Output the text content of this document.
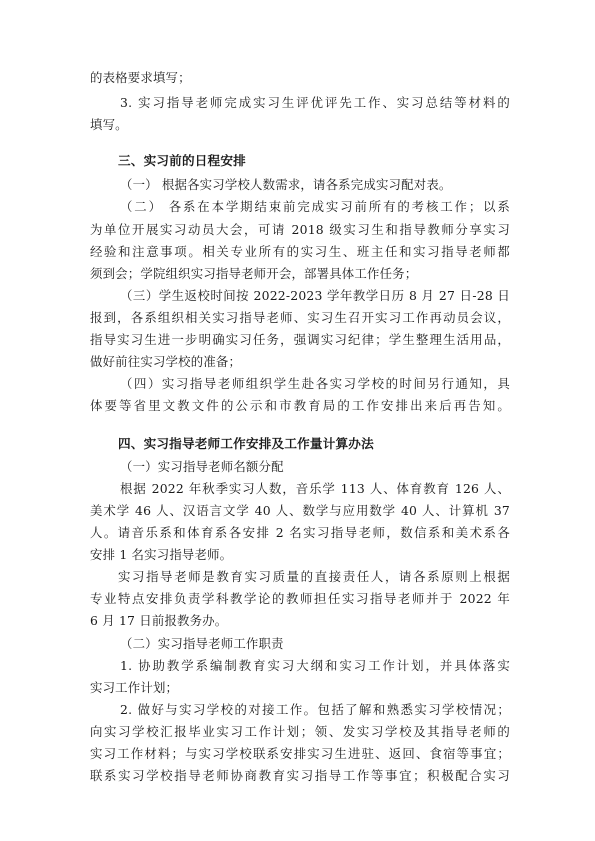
的表格要求填写；
3. 实习指导老师完成实习生评优评先工作、实习总结等材料的
填写。
三、实习前的日程安排
（一） 根据各实习学校人数需求，请各系完成实习配对表。
（二） 各系在本学期结束前完成实习前所有的考核工作；以系
为单位开展实习动员大会，可请 2018 级实习生和指导教师分享实习
经验和注意事项。相关专业所有的实习生、班主任和实习指导老师都
须到会；学院组织实习指导老师开会，部署具体工作任务；
（三）学生返校时间按 2022-2023 学年教学日历 8 月 27 日-28 日
报到，各系组织相关实习指导老师、实习生召开实习工作再动员会议，
指导实习生进一步明确实习任务，强调实习纪律；学生整理生活用品，
做好前往实习学校的准备；
（四）实习指导老师组织学生赴各实习学校的时间另行通知，具
体要等省里文教文件的公示和市教育局的工作安排出来后再告知。
四、实习指导老师工作安排及工作量计算办法
（一）实习指导老师名额分配
根据 2022 年秋季实习人数，音乐学 113 人、体育教育 126 人、
美术学 46 人、汉语言文学 40 人、数学与应用数学 40 人、计算机 37
人。请音乐系和体育系各安排 2 名实习指导老师，数信系和美术系各
安排 1 名实习指导老师。
实习指导老师是教育实习质量的直接责任人，请各系原则上根据
专业特点安排负责学科教学论的教师担任实习指导老师并于 2022 年
6 月 17 日前报教务办。
（二）实习指导老师工作职责
1. 协助教学系编制教育实习大纲和实习工作计划，并具体落实
实习工作计划；
2. 做好与实习学校的对接工作。包括了解和熟悉实习学校情况；
向实习学校汇报毕业实习工作计划；领、发实习学校及其指导老师的
实习工作材料；与实习学校联系安排实习生进驻、返回、食宿等事宜；
联系实习学校指导老师协商教育实习指导工作等事宜；积极配合实习
